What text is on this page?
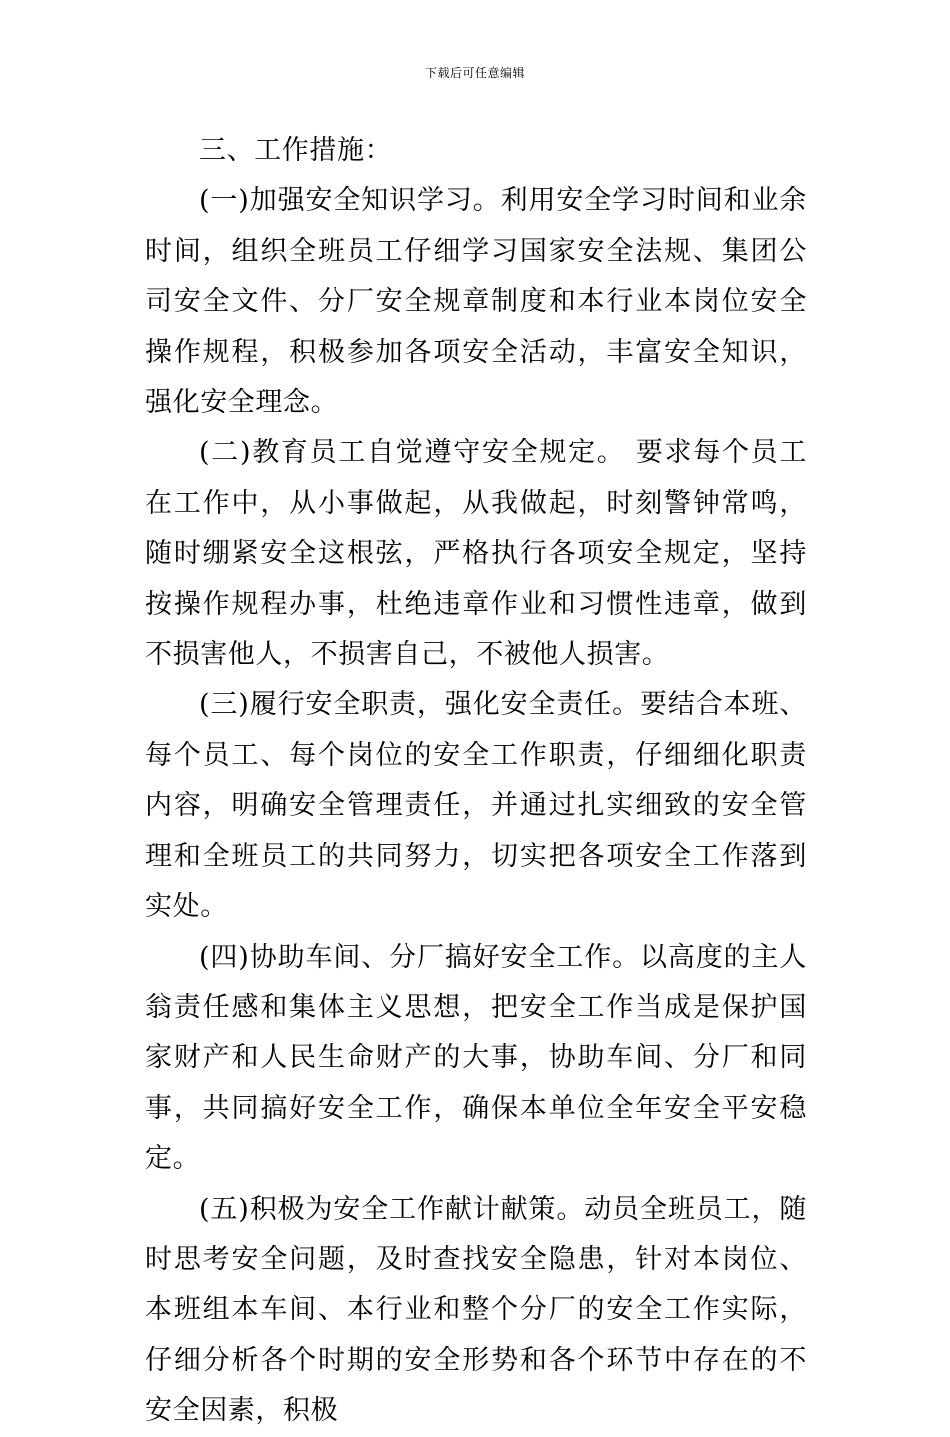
下载后可任意编辑

三、工作措施：

(一)加强安全知识学习。利用安全学习时间和业余时间，组织全班员工仔细学习国家安全法规、集团公司安全文件、分厂安全规章制度和本行业本岗位安全操作规程，积极参加各项安全活动，丰富安全知识，强化安全理念。

(二)教育员工自觉遵守安全规定。 要求每个员工在工作中，从小事做起，从我做起，时刻警钟常鸣，随时绷紧安全这根弦，严格执行各项安全规定，坚持按操作规程办事，杜绝违章作业和习惯性违章，做到不损害他人，不损害自己，不被他人损害。

(三)履行安全职责，强化安全责任。要结合本班、每个员工、每个岗位的安全工作职责，仔细细化职责内容，明确安全管理责任，并通过扎实细致的安全管理和全班员工的共同努力，切实把各项安全工作落到实处。

(四)协助车间、分厂搞好安全工作。以高度的主人翁责任感和集体主义思想，把安全工作当成是保护国家财产和人民生命财产的大事，协助车间、分厂和同事，共同搞好安全工作，确保本单位全年安全平安稳定。

(五)积极为安全工作献计献策。动员全班员工，随时思考安全问题，及时查找安全隐患，针对本岗位、本班组本车间、本行业和整个分厂的安全工作实际，仔细分析各个时期的安全形势和各个环节中存在的不安全因素，积极
